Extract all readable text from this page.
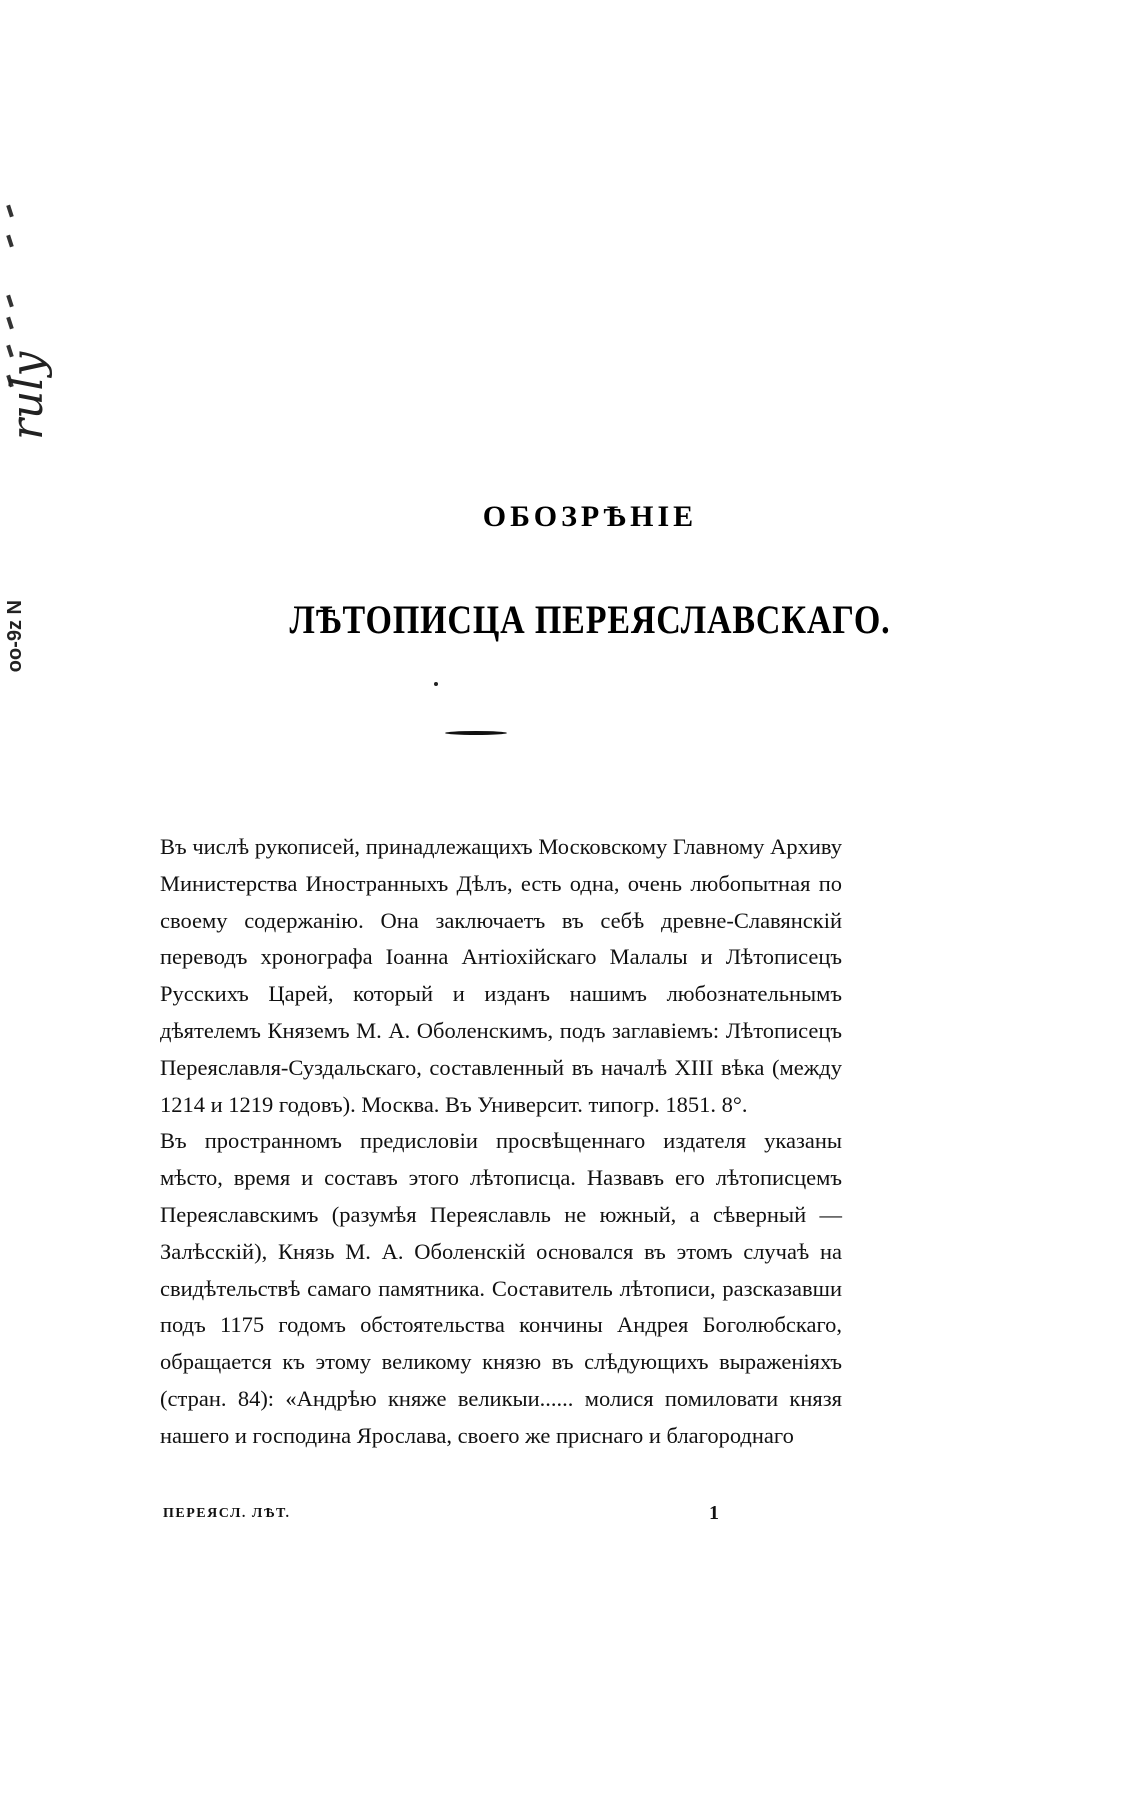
ruly
oo-9z N
ОБОЗРѢНІЕ
ЛѢТОПИСЦА ПЕРЕЯСЛАВСКАГО.

Въ числѣ рукописей, принадлежащихъ Московскому Главному Архиву Министерства Иностранныхъ Дѣлъ, есть одна, очень любопытная по своему содержанію. Она заключаетъ въ себѣ древне-Славянскій переводъ хронографа Іоанна Антіохійскаго Малалы и Лѣтописецъ Русскихъ Царей, который и изданъ нашимъ любознательнымъ дѣятелемъ Княземъ М. А. Оболенскимъ, подъ заглавіемъ: Лѣтописецъ Переяславля-Суздальскаго, составленный въ началѣ XIII вѣка (между 1214 и 1219 годовъ). Москва. Въ Университ. типогр. 1851. 8°.

Въ пространномъ предисловіи просвѣщеннаго издателя указаны мѣсто, время и составъ этого лѣтописца. Назвавъ его лѣтописцемъ Переяславскимъ (разумѣя Переяславль не южный, а сѣверный — Залѣсскій), Князь М. А. Оболенскій основался въ этомъ случаѣ на свидѣтельствѣ самаго памятника. Составитель лѣтописи, разсказавши подъ 1175 годомъ обстоятельства кончины Андрея Боголюбскаго, обращается къ этому великому князю въ слѣдующихъ выраженіяхъ (стран. 84): «Андрѣю княже великыи...... молися помиловати князя нашего и господина Ярослава, своего же приснаго и благороднаго

ПЕРЕЯСЛ. ЛѢТ.	1
